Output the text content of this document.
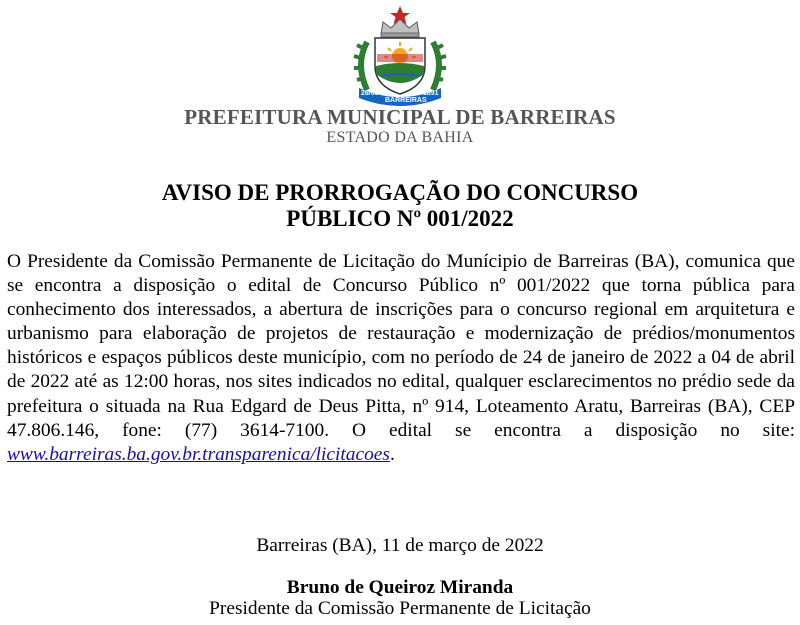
26/05
BARREIRAS
1891
PREFEITURA MUNICIPAL DE BARREIRAS
ESTADO DA BAHIA
AVISO DE PRORROGAÇÃO DO CONCURSO
PÚBLICO Nº 001/2022

O Presidente da Comissão Permanente de Licitação do Munícipio de Barreiras (BA), comunica que se encontra a disposição o edital de Concurso Público nº 001/2022 que torna pública para conhecimento dos interessados, a abertura de inscrições para o concurso regional em arquitetura e urbanismo para elaboração de projetos de restauração e modernização de prédios/monumentos históricos e espaços públicos deste município, com no período de 24 de janeiro de 2022 a 04 de abril de 2022 até as 12:00 horas, nos sites indicados no edital, qualquer esclarecimentos no prédio sede da prefeitura o situada na Rua Edgard de Deus Pitta, nº 914, Loteamento Aratu, Barreiras (BA), CEP 47.806.146, fone: (77) 3614-7100. O edital se encontra a disposição no site: www.barreiras.ba.gov.br.transparenica/licitacoes.

Barreiras (BA), 11 de março de 2022
Bruno de Queiroz Miranda
Presidente da Comissão Permanente de Licitação
